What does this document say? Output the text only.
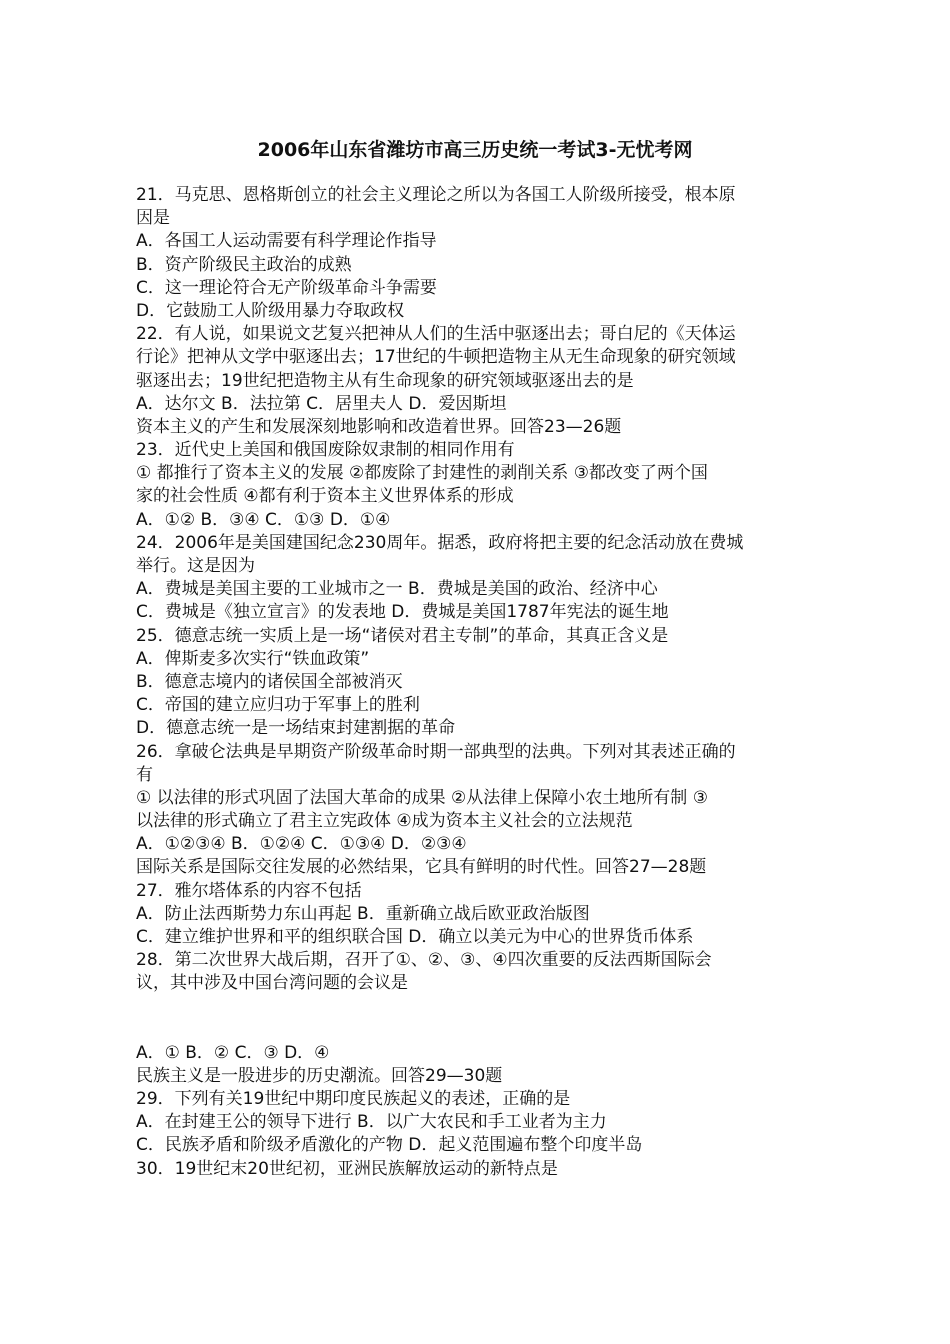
2006年山东省潍坊市高三历史统一考试3-无忧考网
21．马克思、恩格斯创立的社会主义理论之所以为各国工人阶级所接受，根本原
因是
A．各国工人运动需要有科学理论作指导
B．资产阶级民主政治的成熟
C．这一理论符合无产阶级革命斗争需要
D．它鼓励工人阶级用暴力夺取政权
22．有人说，如果说文艺复兴把神从人们的生活中驱逐出去；哥白尼的《天体运
行论》把神从文学中驱逐出去；17世纪的牛顿把造物主从无生命现象的研究领域
驱逐出去；19世纪把造物主从有生命现象的研究领域驱逐出去的是
A．达尔文 B．法拉第 C．居里夫人 D．爱因斯坦
资本主义的产生和发展深刻地影响和改造着世界。回答23—26题
23．近代史上美国和俄国废除奴隶制的相同作用有
① 都推行了资本主义的发展 ②都废除了封建性的剥削关系 ③都改变了两个国
家的社会性质 ④都有利于资本主义世界体系的形成
A．①② B．③④ C．①③ D．①④
24．2006年是美国建国纪念230周年。据悉，政府将把主要的纪念活动放在费城
举行。这是因为
A．费城是美国主要的工业城市之一 B．费城是美国的政治、经济中心
C．费城是《独立宣言》的发表地 D．费城是美国1787年宪法的诞生地
25．德意志统一实质上是一场“诸侯对君主专制”的革命，其真正含义是
A．俾斯麦多次实行“铁血政策”
B．德意志境内的诸侯国全部被消灭
C．帝国的建立应归功于军事上的胜利
D．德意志统一是一场结束封建割据的革命
26．拿破仑法典是早期资产阶级革命时期一部典型的法典。下列对其表述正确的
有
① 以法律的形式巩固了法国大革命的成果 ②从法律上保障小农土地所有制 ③
以法律的形式确立了君主立宪政体 ④成为资本主义社会的立法规范
A．①②③④ B．①②④ C．①③④ D．②③④
国际关系是国际交往发展的必然结果，它具有鲜明的时代性。回答27—28题
27．雅尔塔体系的内容不包括
A．防止法西斯势力东山再起 B．重新确立战后欧亚政治版图
C．建立维护世界和平的组织联合国 D．确立以美元为中心的世界货币体系
28．第二次世界大战后期，召开了①、②、③、④四次重要的反法西斯国际会
议，其中涉及中国台湾问题的会议是
A．① B．② C．③ D．④
民族主义是一股进步的历史潮流。回答29—30题
29．下列有关19世纪中期印度民族起义的表述，正确的是
A．在封建王公的领导下进行 B．以广大农民和手工业者为主力
C．民族矛盾和阶级矛盾激化的产物 D．起义范围遍布整个印度半岛
30．19世纪末20世纪初，亚洲民族解放运动的新特点是
